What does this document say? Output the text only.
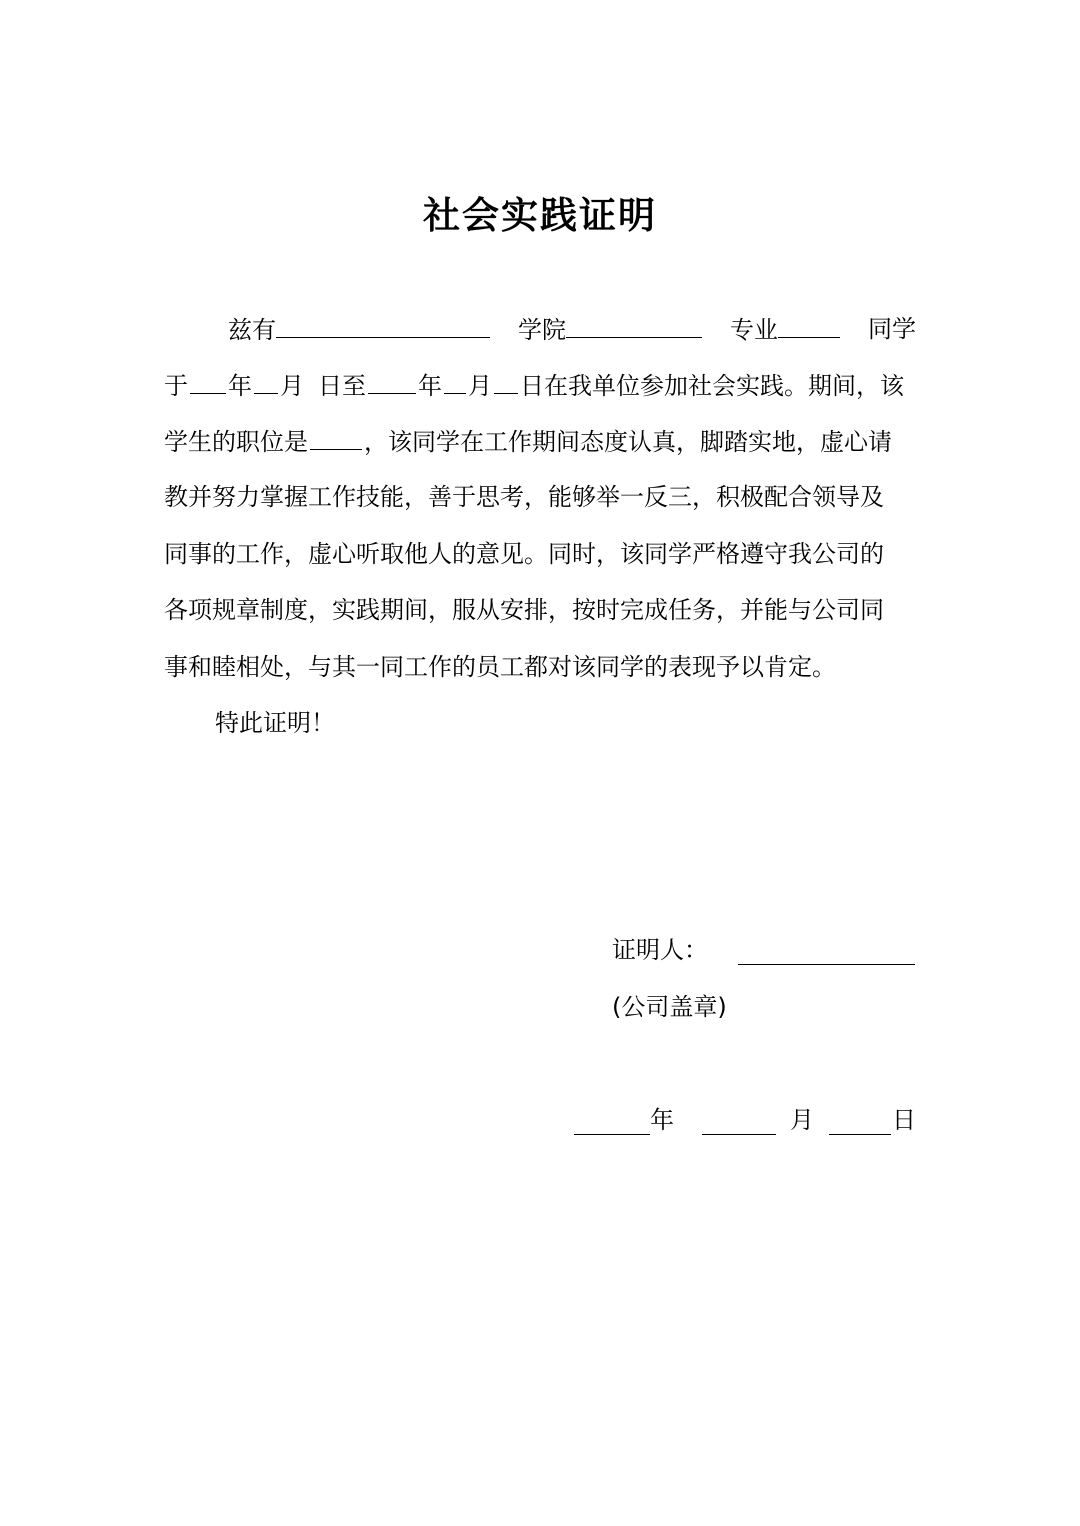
社会实践证明
兹有	学院	专业	同学
于 年 月 日至 年 月 日在我单位参加社会实践。期间，该
学生的职位是 ，该同学在工作期间态度认真，脚踏实地，虚心请
教并努力掌握工作技能，善于思考，能够举一反三，积极配合领导及
同事的工作，虚心听取他人的意见。同时，该同学严格遵守我公司的
各项规章制度，实践期间，服从安排，按时完成任务，并能与公司同
事和睦相处，与其一同工作的员工都对该同学的表现予以肯定。
特此证明！
证明人：
(公司盖章)
年	月	日
